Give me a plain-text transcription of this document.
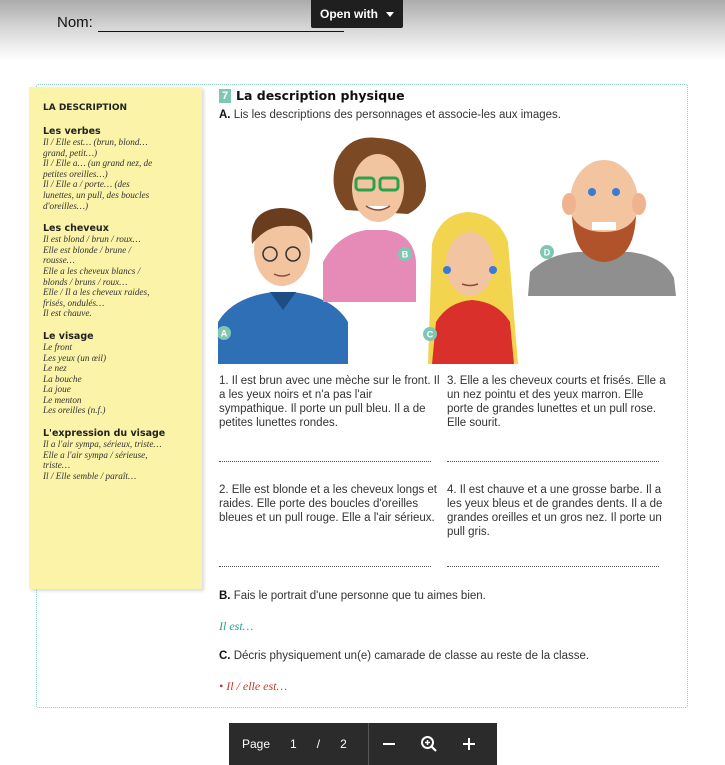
Nom:	Open with
LA DESCRIPTION
Les verbes
Il / Elle est… (brun, blond…
grand, petit…)
Il / Elle a… (un grand nez, de
petites oreilles…)
Il / Elle a / porte… (des
lunettes, un pull, des boucles
d'oreilles…)
Les cheveux
Il est blond / brun / roux…
Elle est blonde / brune /
rousse…
Elle a les cheveux blancs /
blonds / bruns / roux…
Elle / Il a les cheveux raides,
frisés, ondulés…
Il est chauve.
Le visage
Le front
Les yeux (un œil)
Le nez
La bouche
La joue
Le menton
Les oreilles (n.f.)
L'expression du visage
Il a l'air sympa, sérieux, triste…
Elle a l'air sympa / sérieuse,
triste…
Il / Elle semble / paraît…
7 La description physique
A. Lis les descriptions des personnages et associe-les aux images.
A
B
C
D
1. Il est brun avec une mèche sur le front. Il a les yeux noirs et n'a pas l'air sympathique. Il porte un pull bleu. Il a de petites lunettes rondes.
3. Elle a les cheveux courts et frisés. Elle a un nez pointu et des yeux marron. Elle porte de grandes lunettes et un pull rose. Elle sourit.
2. Elle est blonde et a les cheveux longs et raides. Elle porte des boucles d'oreilles bleues et un pull rouge. Elle a l'air sérieux.
4. Il est chauve et a une grosse barbe. Il a les yeux bleus et de grandes dents. Il a de grandes oreilles et un gros nez. Il porte un pull gris.
B. Fais le portrait d'une personne que tu aimes bien.
Il est…
C. Décris physiquement un(e) camarade de classe au reste de la classe.
• Il / elle est…
Page 1 / 2
